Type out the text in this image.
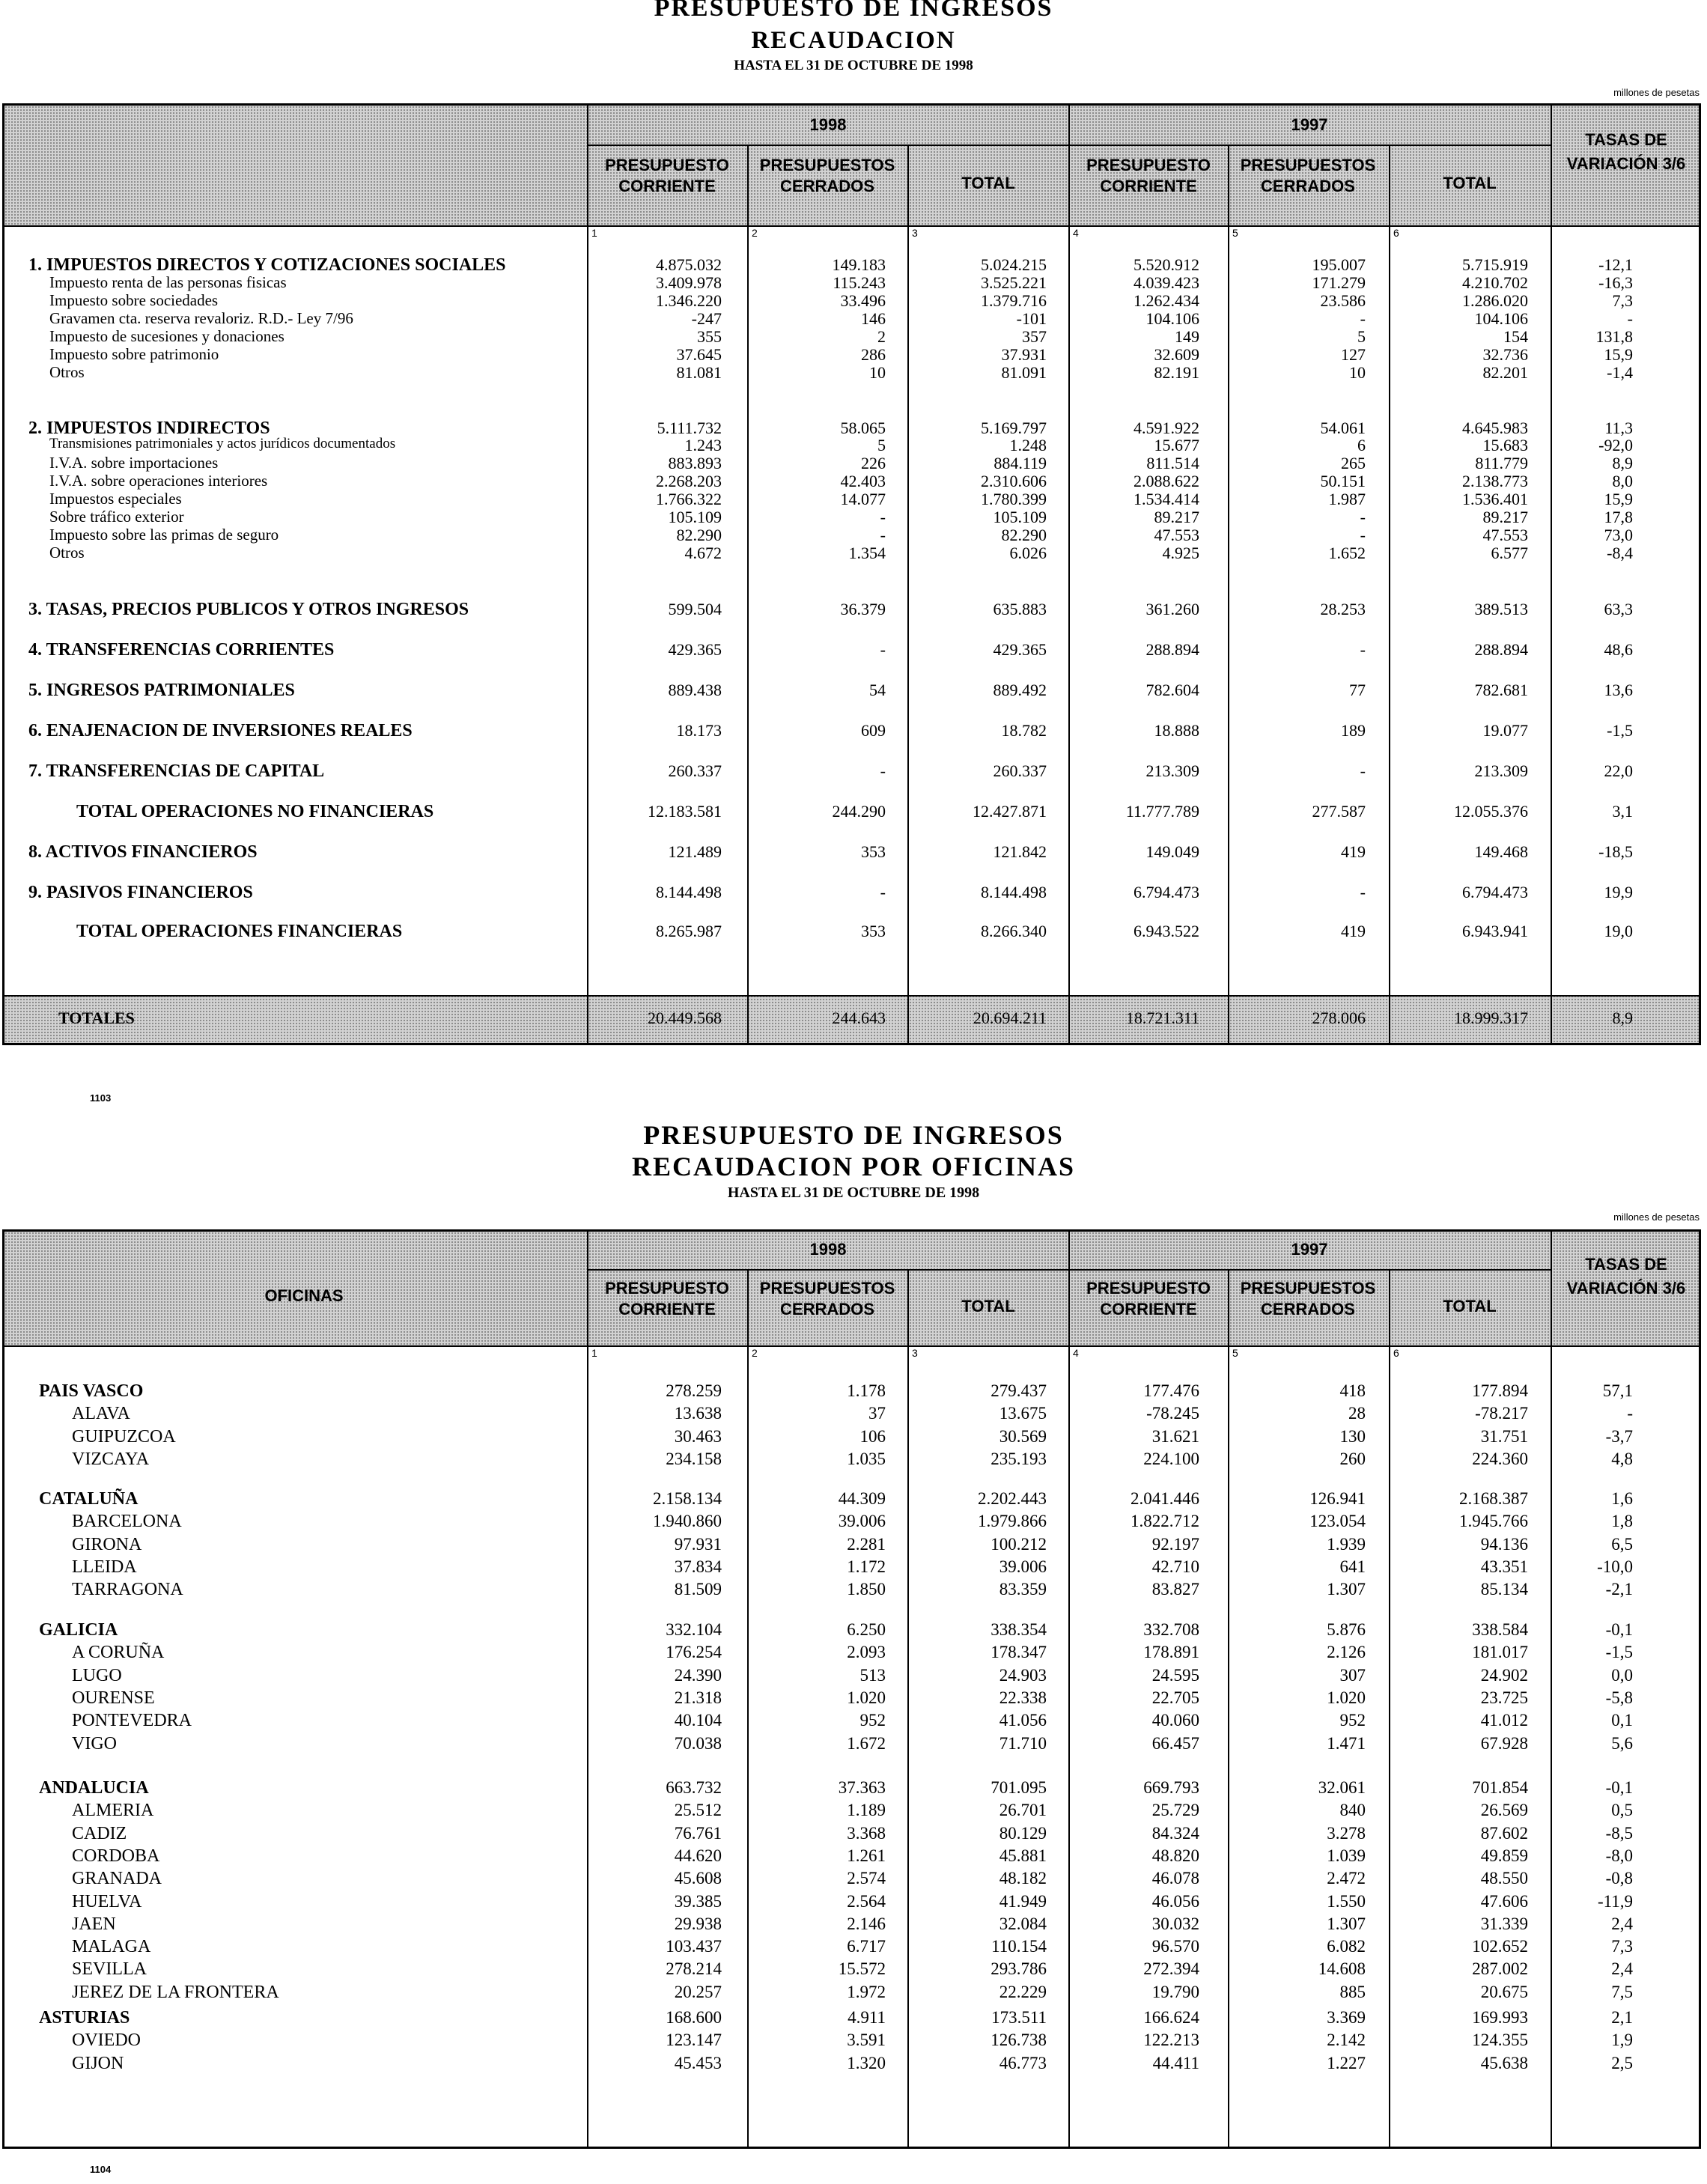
PRESUPUESTO DE INGRESOS
RECAUDACION
HASTA EL 31 DE OCTUBRE DE 1998
millones de pesetas
1998	1997
PRESUPUESTO CORRIENTE
PRESUPUESTOS CERRADOS	TOTAL
PRESUPUESTO CORRIENTE
PRESUPUESTOS CERRADOS	TOTAL
TASAS DE VARIACIÓN 3/6
1	2	3	4	5	6
1. IMPUESTOS DIRECTOS Y COTIZACIONES SOCIALES	4.875.032	149.183	5.024.215	5.520.912	195.007	5.715.919	-12,1
Impuesto renta de las personas fisicas	3.409.978	115.243	3.525.221	4.039.423	171.279	4.210.702	-16,3
Impuesto sobre sociedades	1.346.220	33.496	1.379.716	1.262.434	23.586	1.286.020	7,3
Gravamen cta. reserva revaloriz. R.D.- Ley 7/96	-247	146	-101	104.106	-	104.106	-
Impuesto de sucesiones y donaciones	355	2	357	149	5	154	131,8
Impuesto sobre patrimonio	37.645	286	37.931	32.609	127	32.736	15,9
Otros	81.081	10	81.091	82.191	10	82.201	-1,4
2. IMPUESTOS INDIRECTOS	5.111.732	58.065	5.169.797	4.591.922	54.061	4.645.983	11,3
Transmisiones patrimoniales y actos jurídicos documentados	1.243	5	1.248	15.677	6	15.683	-92,0
I.V.A. sobre importaciones	883.893	226	884.119	811.514	265	811.779	8,9
I.V.A. sobre operaciones interiores	2.268.203	42.403	2.310.606	2.088.622	50.151	2.138.773	8,0
Impuestos especiales	1.766.322	14.077	1.780.399	1.534.414	1.987	1.536.401	15,9
Sobre tráfico exterior	105.109	-	105.109	89.217	-	89.217	17,8
Impuesto sobre las primas de seguro	82.290	-	82.290	47.553	-	47.553	73,0
Otros	4.672	1.354	6.026	4.925	1.652	6.577	-8,4
3. TASAS, PRECIOS PUBLICOS Y OTROS INGRESOS	599.504	36.379	635.883	361.260	28.253	389.513	63,3
4. TRANSFERENCIAS CORRIENTES	429.365	-	429.365	288.894	-	288.894	48,6
5. INGRESOS PATRIMONIALES	889.438	54	889.492	782.604	77	782.681	13,6
6. ENAJENACION DE INVERSIONES REALES	18.173	609	18.782	18.888	189	19.077	-1,5
7. TRANSFERENCIAS DE CAPITAL	260.337	-	260.337	213.309	-	213.309	22,0
TOTAL OPERACIONES NO FINANCIERAS	12.183.581	244.290	12.427.871	11.777.789	277.587	12.055.376	3,1
8. ACTIVOS FINANCIEROS	121.489	353	121.842	149.049	419	149.468	-18,5
9. PASIVOS FINANCIEROS	8.144.498	-	8.144.498	6.794.473	-	6.794.473	19,9
TOTAL OPERACIONES FINANCIERAS	8.265.987	353	8.266.340	6.943.522	419	6.943.941	19,0
TOTALES	20.449.568	244.643	20.694.211	18.721.311	278.006	18.999.317	8,9
1103
PRESUPUESTO DE INGRESOS
RECAUDACION POR OFICINAS
HASTA EL 31 DE OCTUBRE DE 1998
millones de pesetas
OFICINAS
1998	1997
PRESUPUESTO CORRIENTE
PRESUPUESTOS CERRADOS	TOTAL
PRESUPUESTO CORRIENTE
PRESUPUESTOS CERRADOS	TOTAL
TASAS DE VARIACIÓN 3/6
1	2	3	4	5	6
PAIS VASCO	278.259	1.178	279.437	177.476	418	177.894	57,1
ALAVA	13.638	37	13.675	-78.245	28	-78.217	-
GUIPUZCOA	30.463	106	30.569	31.621	130	31.751	-3,7
VIZCAYA	234.158	1.035	235.193	224.100	260	224.360	4,8
CATALUÑA	2.158.134	44.309	2.202.443	2.041.446	126.941	2.168.387	1,6
BARCELONA	1.940.860	39.006	1.979.866	1.822.712	123.054	1.945.766	1,8
GIRONA	97.931	2.281	100.212	92.197	1.939	94.136	6,5
LLEIDA	37.834	1.172	39.006	42.710	641	43.351	-10,0
TARRAGONA	81.509	1.850	83.359	83.827	1.307	85.134	-2,1
GALICIA	332.104	6.250	338.354	332.708	5.876	338.584	-0,1
A CORUÑA	176.254	2.093	178.347	178.891	2.126	181.017	-1,5
LUGO	24.390	513	24.903	24.595	307	24.902	0,0
OURENSE	21.318	1.020	22.338	22.705	1.020	23.725	-5,8
PONTEVEDRA	40.104	952	41.056	40.060	952	41.012	0,1
VIGO	70.038	1.672	71.710	66.457	1.471	67.928	5,6
ANDALUCIA	663.732	37.363	701.095	669.793	32.061	701.854	-0,1
ALMERIA	25.512	1.189	26.701	25.729	840	26.569	0,5
CADIZ	76.761	3.368	80.129	84.324	3.278	87.602	-8,5
CORDOBA	44.620	1.261	45.881	48.820	1.039	49.859	-8,0
GRANADA	45.608	2.574	48.182	46.078	2.472	48.550	-0,8
HUELVA	39.385	2.564	41.949	46.056	1.550	47.606	-11,9
JAEN	29.938	2.146	32.084	30.032	1.307	31.339	2,4
MALAGA	103.437	6.717	110.154	96.570	6.082	102.652	7,3
SEVILLA	278.214	15.572	293.786	272.394	14.608	287.002	2,4
JEREZ DE LA FRONTERA	20.257	1.972	22.229	19.790	885	20.675	7,5
ASTURIAS	168.600	4.911	173.511	166.624	3.369	169.993	2,1
OVIEDO	123.147	3.591	126.738	122.213	2.142	124.355	1,9
GIJON	45.453	1.320	46.773	44.411	1.227	45.638	2,5
1104
